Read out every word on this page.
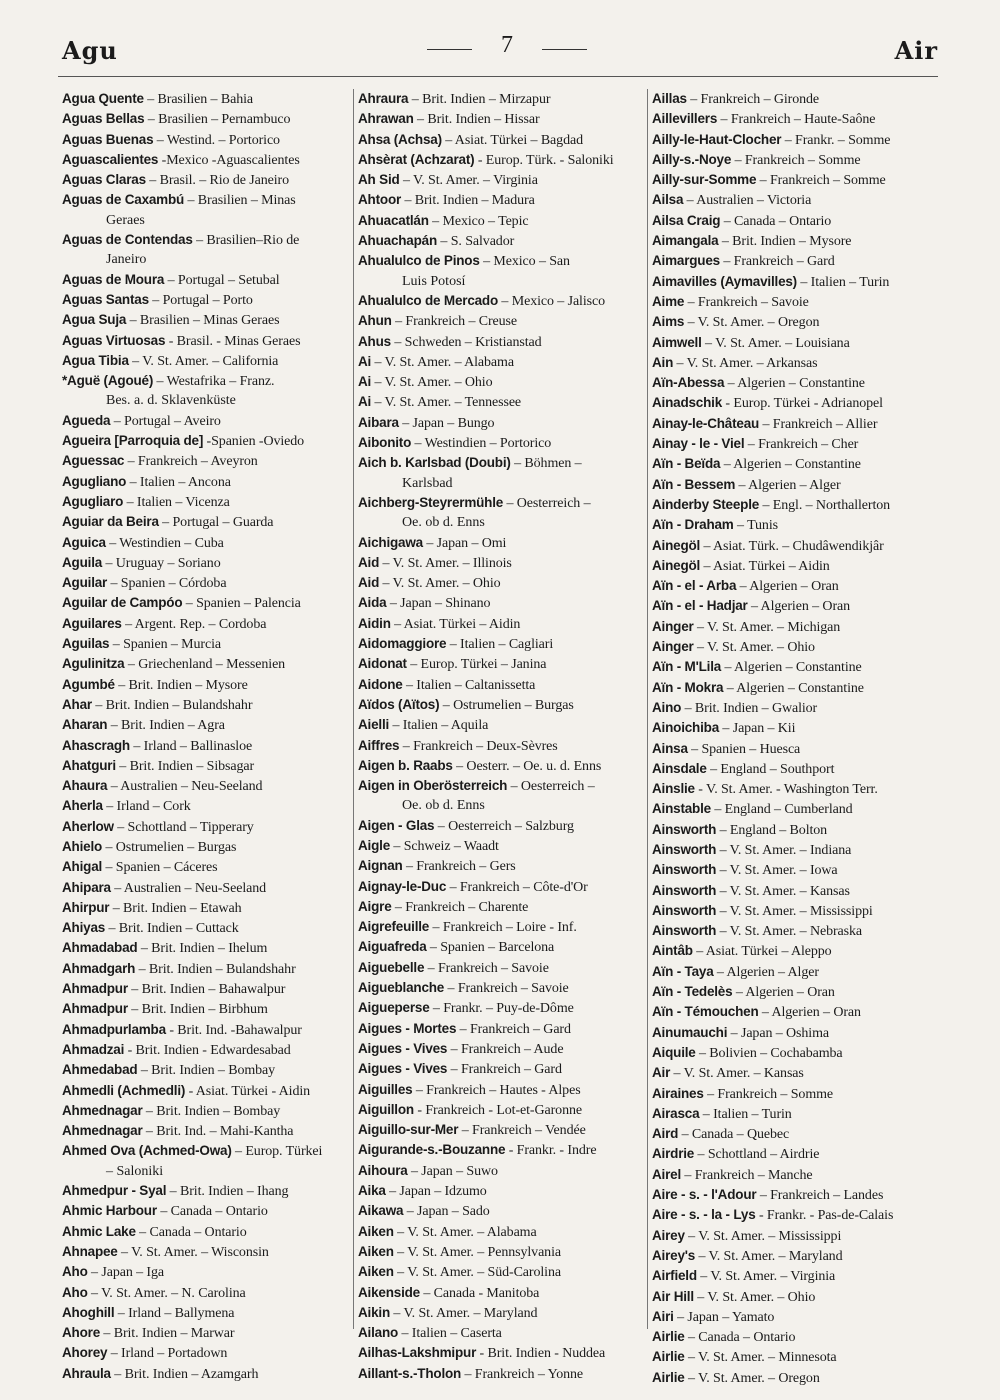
Agu	7	Air
Agua Quente – Brasilien – Bahia
Aguas Bellas – Brasilien – Pernambuco
Aguas Buenas – Westind. – Portorico
Aguascalientes -Mexico -Aguascalientes
Aguas Claras – Brasil. – Rio de Janeiro
Aguas de Caxambú – Brasilien – Minas
Geraes
Aguas de Contendas – Brasilien–Rio de
Janeiro
Aguas de Moura – Portugal – Setubal
Aguas Santas – Portugal – Porto
Agua Suja – Brasilien – Minas Geraes
Aguas Virtuosas - Brasil. - Minas Geraes
Agua Tibia – V. St. Amer. – California
*Aguë (Agoué) – Westafrika – Franz.
Bes. a. d. Sklavenküste
Agueda – Portugal – Aveiro
Agueira [Parroquia de] -Spanien -Oviedo
Aguessac – Frankreich – Aveyron
Agugliano – Italien – Ancona
Agugliaro – Italien – Vicenza
Aguiar da Beira – Portugal – Guarda
Aguica – Westindien – Cuba
Aguila – Uruguay – Soriano
Aguilar – Spanien – Córdoba
Aguilar de Campóo – Spanien – Palencia
Aguilares – Argent. Rep. – Cordoba
Aguilas – Spanien – Murcia
Agulinitza – Griechenland – Messenien
Agumbé – Brit. Indien – Mysore
Ahar – Brit. Indien – Bulandshahr
Aharan – Brit. Indien – Agra
Ahascragh – Irland – Ballinasloe
Ahatguri – Brit. Indien – Sibsagar
Ahaura – Australien – Neu-Seeland
Aherla – Irland – Cork
Aherlow – Schottland – Tipperary
Ahielo – Ostrumelien – Burgas
Ahigal – Spanien – Cáceres
Ahipara – Australien – Neu-Seeland
Ahirpur – Brit. Indien – Etawah
Ahiyas – Brit. Indien – Cuttack
Ahmadabad – Brit. Indien – Ihelum
Ahmadgarh – Brit. Indien – Bulandshahr
Ahmadpur – Brit. Indien – Bahawalpur
Ahmadpur – Brit. Indien – Birbhum
Ahmadpurlamba - Brit. Ind. -Bahawalpur
Ahmadzai - Brit. Indien - Edwardesabad
Ahmedabad – Brit. Indien – Bombay
Ahmedli (Achmedli) - Asiat. Türkei - Aidin
Ahmednagar – Brit. Indien – Bombay
Ahmednagar – Brit. Ind. – Mahi-Kantha
Ahmed Ova (Achmed-Owa) – Europ. Türkei
– Saloniki
Ahmedpur - Syal – Brit. Indien – Ihang
Ahmic Harbour – Canada – Ontario
Ahmic Lake – Canada – Ontario
Ahnapee – V. St. Amer. – Wisconsin
Aho – Japan – Iga
Aho – V. St. Amer. – N. Carolina
Ahoghill – Irland – Ballymena
Ahore – Brit. Indien – Marwar
Ahorey – Irland – Portadown
Ahraula – Brit. Indien – Azamgarh
Ahraura – Brit. Indien – Mirzapur
Ahrawan – Brit. Indien – Hissar
Ahsa (Achsa) – Asiat. Türkei – Bagdad
Ahsèrat (Achzarat) - Europ. Türk. - Saloniki
Ah Sid – V. St. Amer. – Virginia
Ahtoor – Brit. Indien – Madura
Ahuacatlán – Mexico – Tepic
Ahuachapán – S. Salvador
Ahualulco de Pinos – Mexico – San
Luis Potosí
Ahualulco de Mercado – Mexico – Jalisco
Ahun – Frankreich – Creuse
Ahus – Schweden – Kristianstad
Ai – V. St. Amer. – Alabama
Ai – V. St. Amer. – Ohio
Ai – V. St. Amer. – Tennessee
Aibara – Japan – Bungo
Aibonito – Westindien – Portorico
Aich b. Karlsbad (Doubi) – Böhmen –
Karlsbad
Aichberg-Steyrermühle – Oesterreich –
Oe. ob d. Enns
Aichigawa – Japan – Omi
Aid – V. St. Amer. – Illinois
Aid – V. St. Amer. – Ohio
Aida – Japan – Shinano
Aidin – Asiat. Türkei – Aidin
Aidomaggiore – Italien – Cagliari
Aidonat – Europ. Türkei – Janina
Aidone – Italien – Caltanissetta
Aïdos (Aïtos) – Ostrumelien – Burgas
Aielli – Italien – Aquila
Aiffres – Frankreich – Deux-Sèvres
Aigen b. Raabs – Oesterr. – Oe. u. d. Enns
Aigen in Oberösterreich – Oesterreich –
Oe. ob d. Enns
Aigen - Glas – Oesterreich – Salzburg
Aigle – Schweiz – Waadt
Aignan – Frankreich – Gers
Aignay-le-Duc – Frankreich – Côte-d'Or
Aigre – Frankreich – Charente
Aigrefeuille – Frankreich – Loire - Inf.
Aiguafreda – Spanien – Barcelona
Aiguebelle – Frankreich – Savoie
Aigueblanche – Frankreich – Savoie
Aigueperse – Frankr. – Puy-de-Dôme
Aigues - Mortes – Frankreich – Gard
Aigues - Vives – Frankreich – Aude
Aigues - Vives – Frankreich – Gard
Aiguilles – Frankreich – Hautes - Alpes
Aiguillon - Frankreich - Lot-et-Garonne
Aiguillo-sur-Mer – Frankreich – Vendée
Aigurande-s.-Bouzanne - Frankr. - Indre
Aihoura – Japan – Suwo
Aika – Japan – Idzumo
Aikawa – Japan – Sado
Aiken – V. St. Amer. – Alabama
Aiken – V. St. Amer. – Pennsylvania
Aiken – V. St. Amer. – Süd-Carolina
Aikenside – Canada - Manitoba
Aikin – V. St. Amer. – Maryland
Ailano – Italien – Caserta
Ailhas-Lakshmipur - Brit. Indien - Nuddea
Aillant-s.-Tholon – Frankreich – Yonne
Aillas – Frankreich – Gironde
Aillevillers – Frankreich – Haute-Saône
Ailly-le-Haut-Clocher – Frankr. – Somme
Ailly-s.-Noye – Frankreich – Somme
Ailly-sur-Somme – Frankreich – Somme
Ailsa – Australien – Victoria
Ailsa Craig – Canada – Ontario
Aimangala – Brit. Indien – Mysore
Aimargues – Frankreich – Gard
Aimavilles (Aymavilles) – Italien – Turin
Aime – Frankreich – Savoie
Aims – V. St. Amer. – Oregon
Aimwell – V. St. Amer. – Louisiana
Ain – V. St. Amer. – Arkansas
Aïn-Abessa – Algerien – Constantine
Ainadschik - Europ. Türkei - Adrianopel
Ainay-le-Château – Frankreich – Allier
Ainay - le - Viel – Frankreich – Cher
Aïn - Beïda – Algerien – Constantine
Aïn - Bessem – Algerien – Alger
Ainderby Steeple – Engl. – Northallerton
Aïn - Draham – Tunis
Ainegöl – Asiat. Türk. – Chudâwendikjâr
Ainegöl – Asiat. Türkei – Aidin
Aïn - el - Arba – Algerien – Oran
Aïn - el - Hadjar – Algerien – Oran
Ainger – V. St. Amer. – Michigan
Ainger – V. St. Amer. – Ohio
Aïn - M'Lila – Algerien – Constantine
Aïn - Mokra – Algerien – Constantine
Aino – Brit. Indien – Gwalior
Ainoichiba – Japan – Kii
Ainsa – Spanien – Huesca
Ainsdale – England – Southport
Ainslie - V. St. Amer. - Washington Terr.
Ainstable – England – Cumberland
Ainsworth – England – Bolton
Ainsworth – V. St. Amer. – Indiana
Ainsworth – V. St. Amer. – Iowa
Ainsworth – V. St. Amer. – Kansas
Ainsworth – V. St. Amer. – Mississippi
Ainsworth – V. St. Amer. – Nebraska
Aintâb – Asiat. Türkei – Aleppo
Aïn - Taya – Algerien – Alger
Aïn - Tedelès – Algerien – Oran
Aïn - Témouchen – Algerien – Oran
Ainumauchi – Japan – Oshima
Aiquile – Bolivien – Cochabamba
Air – V. St. Amer. – Kansas
Airaines – Frankreich – Somme
Airasca – Italien – Turin
Aird – Canada – Quebec
Airdrie – Schottland – Airdrie
Airel – Frankreich – Manche
Aire - s. - l'Adour – Frankreich – Landes
Aire - s. - la - Lys - Frankr. - Pas-de-Calais
Airey – V. St. Amer. – Mississippi
Airey's – V. St. Amer. – Maryland
Airfield – V. St. Amer. – Virginia
Air Hill – V. St. Amer. – Ohio
Airi – Japan – Yamato
Airlie – Canada – Ontario
Airlie – V. St. Amer. – Minnesota
Airlie – V. St. Amer. – Oregon
